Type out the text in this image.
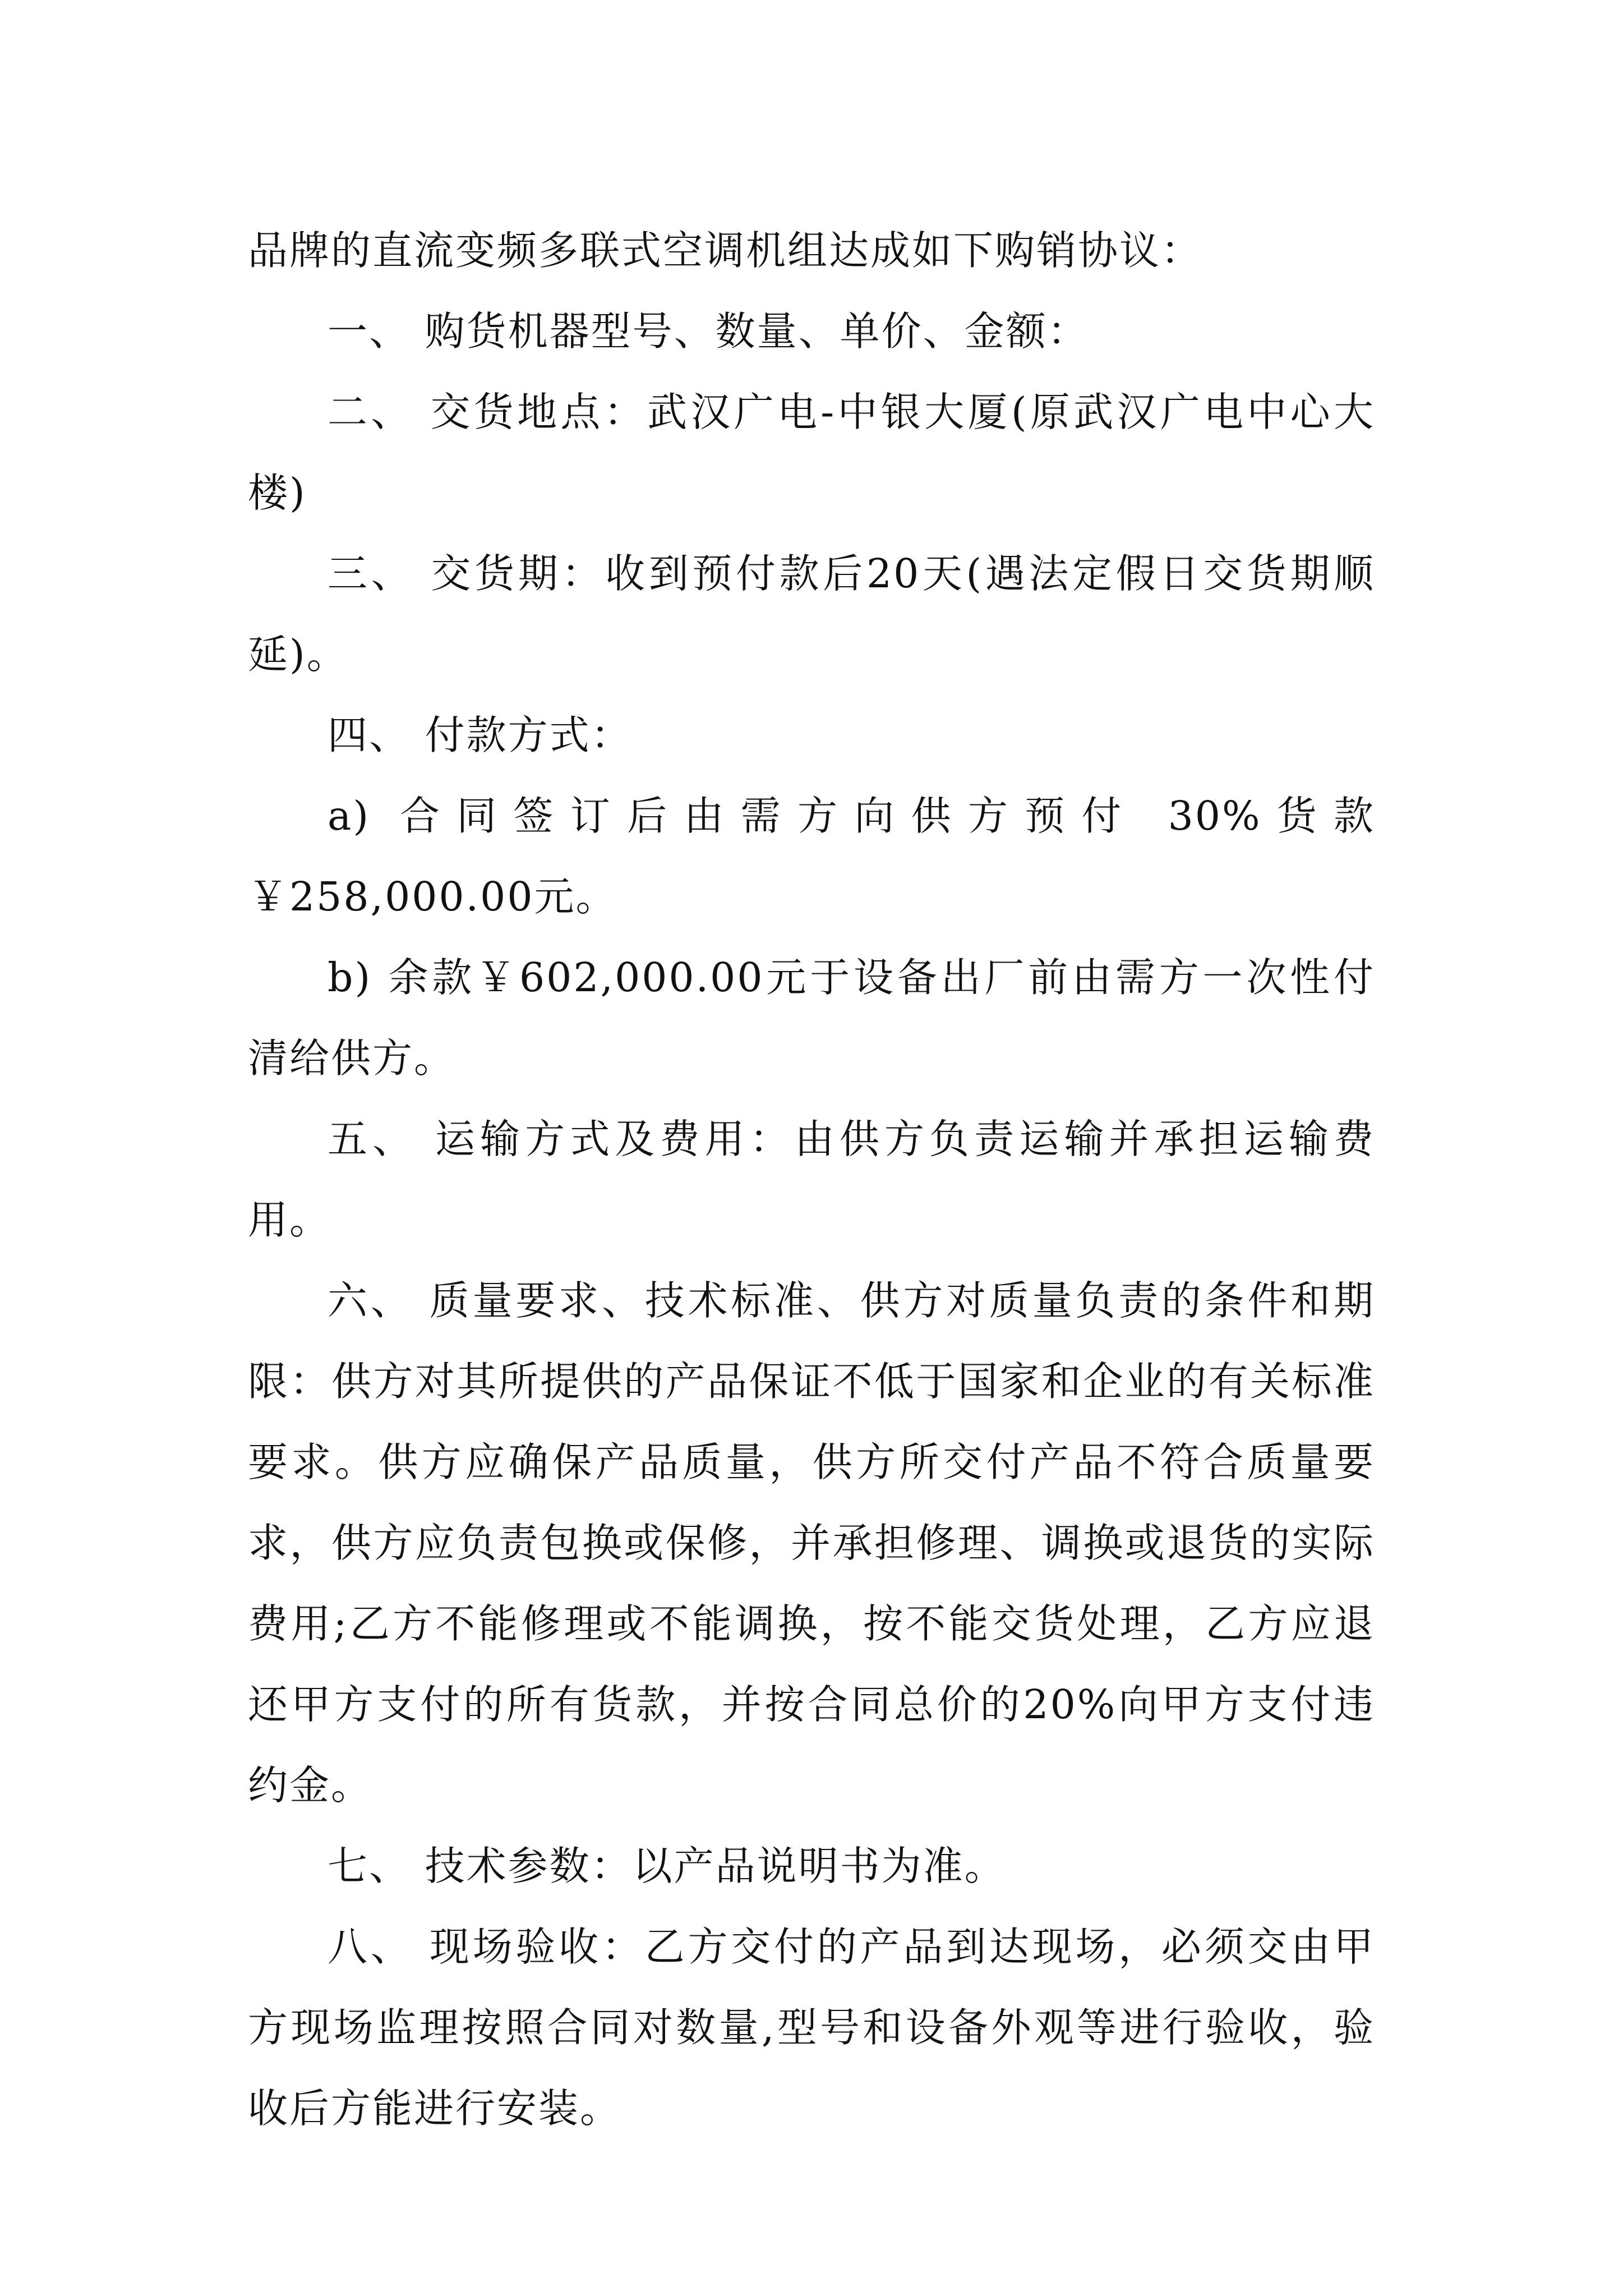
品牌的直流变频多联式空调机组达成如下购销协议：

一、 购货机器型号、数量、单价、金额：

二、 交货地点：武汉广电-中银大厦(原武汉广电中心大楼)

三、 交货期：收到预付款后20天(遇法定假日交货期顺延)。

四、 付款方式：

a) 合同签订后由需方向供方预付 30%货款￥258,000.00元。

b) 余款￥602,000.00元于设备出厂前由需方一次性付清给供方。

五、 运输方式及费用：由供方负责运输并承担运输费用。

六、 质量要求、技术标准、供方对质量负责的条件和期限：供方对其所提供的产品保证不低于国家和企业的有关标准要求。供方应确保产品质量，供方所交付产品不符合质量要求，供方应负责包换或保修，并承担修理、调换或退货的实际费用;乙方不能修理或不能调换，按不能交货处理，乙方应退还甲方支付的所有货款，并按合同总价的20%向甲方支付违约金。

七、 技术参数：以产品说明书为准。

八、 现场验收：乙方交付的产品到达现场，必须交由甲方现场监理按照合同对数量,型号和设备外观等进行验收，验收后方能进行安装。
